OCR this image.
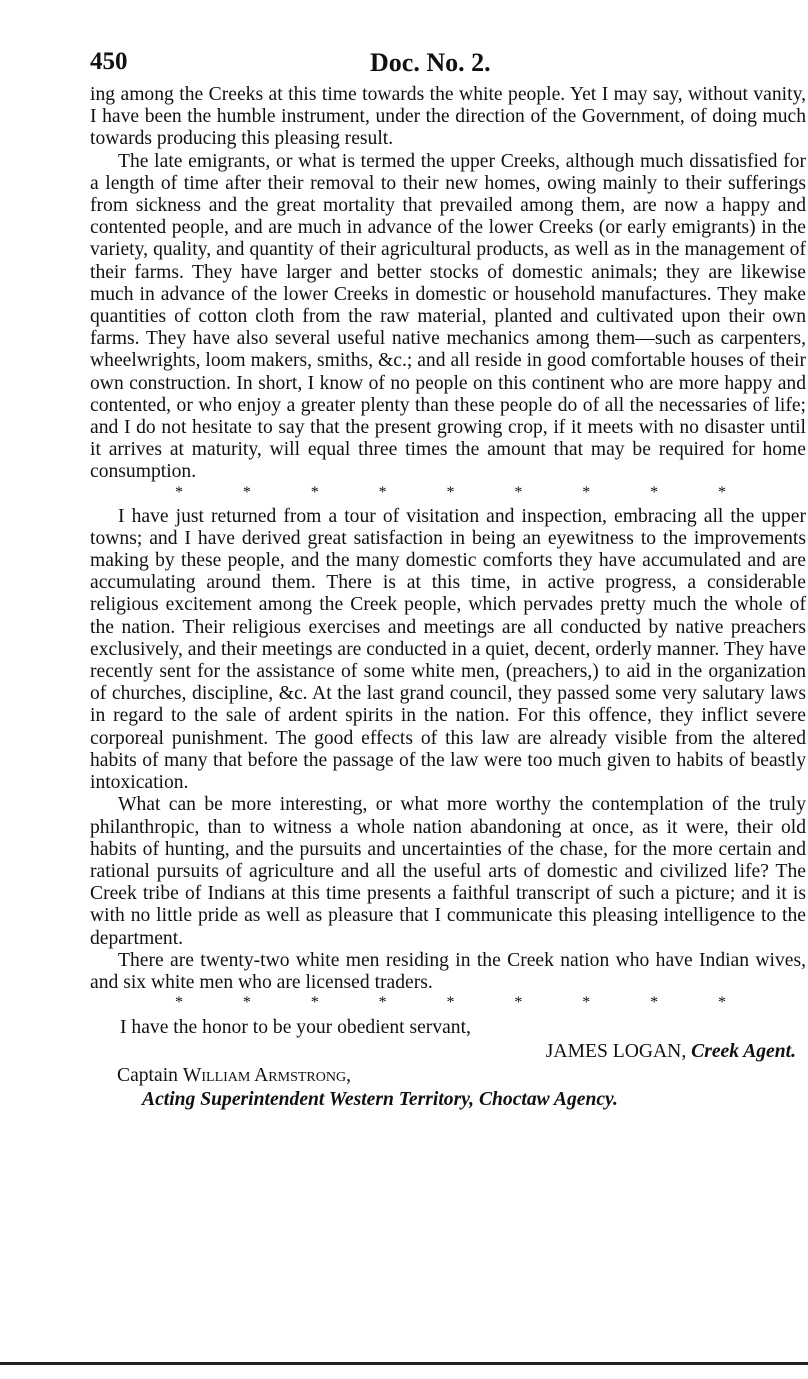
450	Doc. No. 2.

ing among the Creeks at this time towards the white people. Yet I may say, without vanity, I have been the humble instrument, under the direction of the Government, of doing much towards producing this pleasing result.

The late emigrants, or what is termed the upper Creeks, although much dissatisfied for a length of time after their removal to their new homes, owing mainly to their sufferings from sickness and the great mortality that prevailed among them, are now a happy and contented people, and are much in advance of the lower Creeks (or early emigrants) in the variety, quality, and quantity of their agricultural products, as well as in the management of their farms. They have larger and better stocks of domestic animals; they are likewise much in advance of the lower Creeks in domestic or household manufactures. They make quantities of cotton cloth from the raw material, planted and cultivated upon their own farms. They have also several useful native mechanics among them—such as carpenters, wheelwrights, loom makers, smiths, &c.; and all reside in good comfortable houses of their own construction. In short, I know of no people on this continent who are more happy and contented, or who enjoy a greater plenty than these people do of all the necessaries of life; and I do not hesitate to say that the present growing crop, if it meets with no disaster until it arrives at maturity, will equal three times the amount that may be required for home consumption.

*	*	*	*	*	*	*	*	*

I have just returned from a tour of visitation and inspection, embracing all the upper towns; and I have derived great satisfaction in being an eyewitness to the improvements making by these people, and the many domestic comforts they have accumulated and are accumulating around them. There is at this time, in active progress, a considerable religious excitement among the Creek people, which pervades pretty much the whole of the nation. Their religious exercises and meetings are all conducted by native preachers exclusively, and their meetings are conducted in a quiet, decent, orderly manner. They have recently sent for the assistance of some white men, (preachers,) to aid in the organization of churches, discipline, &c. At the last grand council, they passed some very salutary laws in regard to the sale of ardent spirits in the nation. For this offence, they inflict severe corporeal punishment. The good effects of this law are already visible from the altered habits of many that before the passage of the law were too much given to habits of beastly intoxication.

What can be more interesting, or what more worthy the contemplation of the truly philanthropic, than to witness a whole nation abandoning at once, as it were, their old habits of hunting, and the pursuits and uncertainties of the chase, for the more certain and rational pursuits of agriculture and all the useful arts of domestic and civilized life? The Creek tribe of Indians at this time presents a faithful transcript of such a picture; and it is with no little pride as well as pleasure that I communicate this pleasing intelligence to the department.

There are twenty-two white men residing in the Creek nation who have Indian wives, and six white men who are licensed traders.

*	*	*	*	*	*	*	*	*
I have the honor to be your obedient servant,
JAMES LOGAN, Creek Agent.
Captain William Armstrong,
Acting Superintendent Western Territory, Choctaw Agency.
